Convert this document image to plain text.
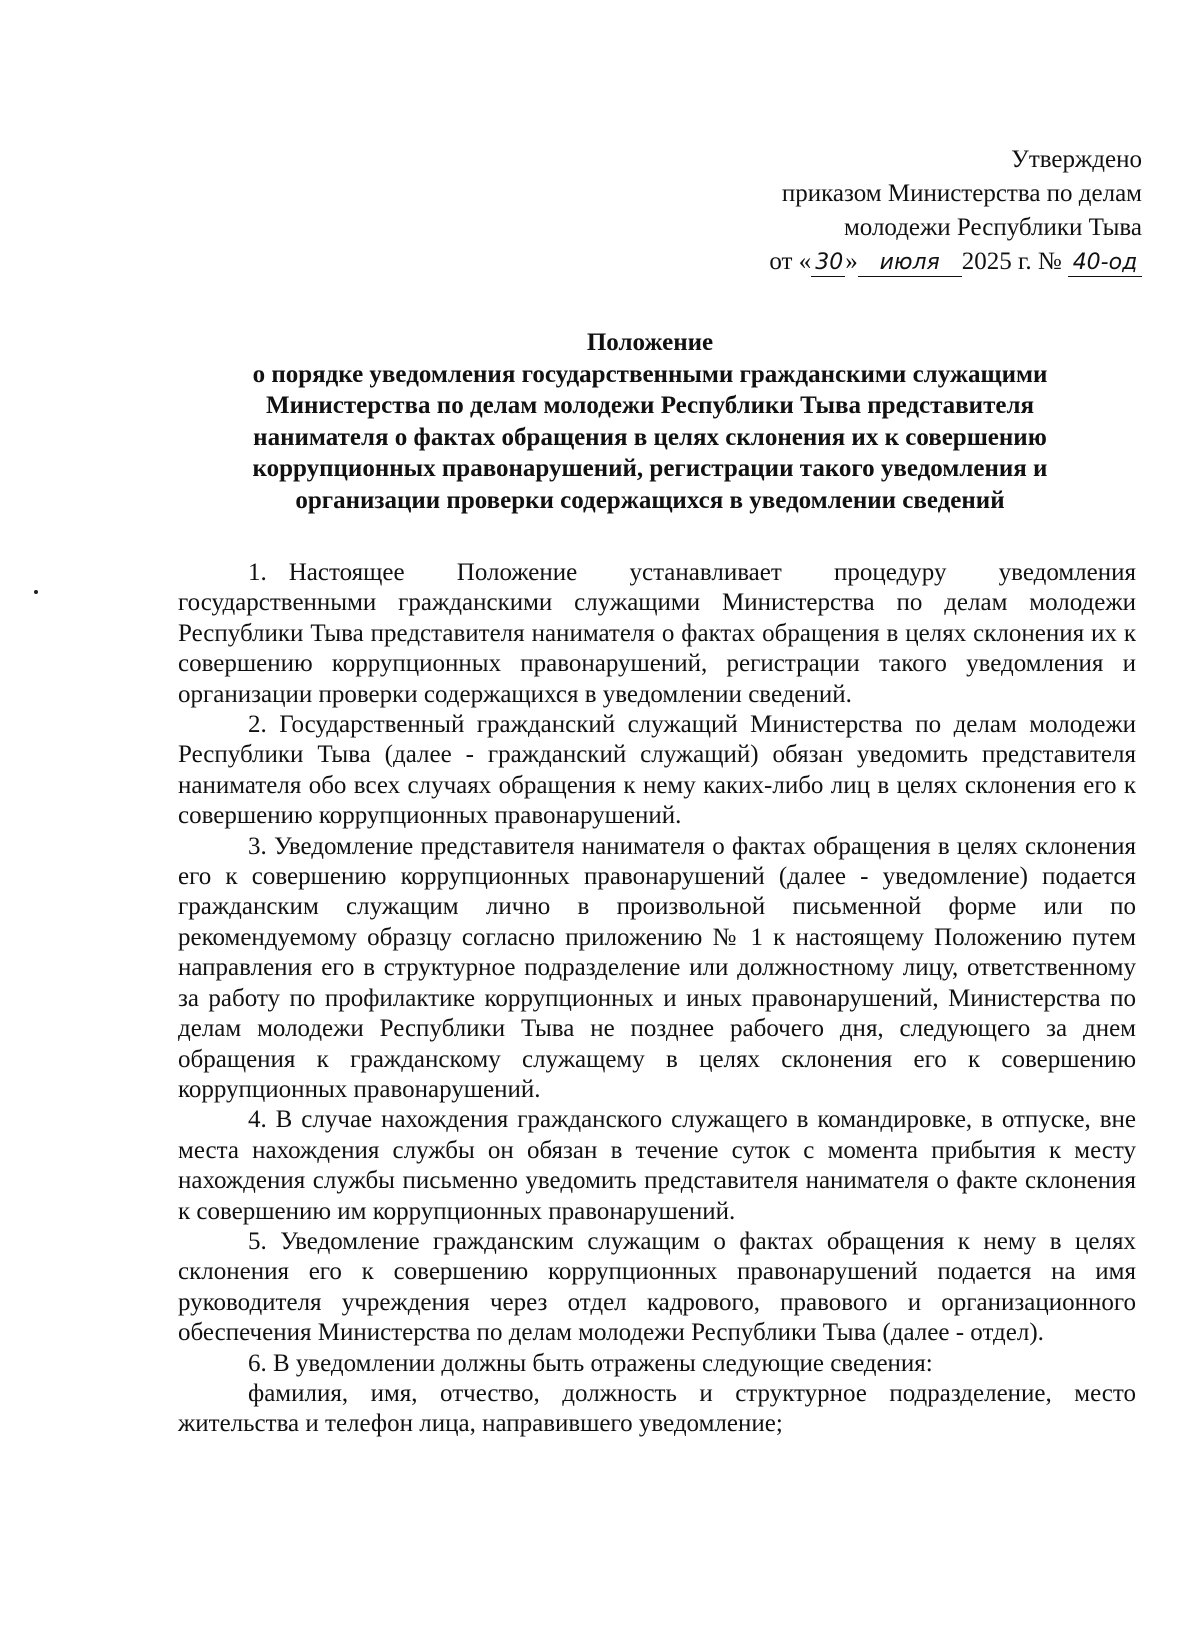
Утверждено
приказом Министерства по делам
молодежи Республики Тыва
от « 30» июля 2025 г. № 40-од
Положение
о порядке уведомления государственными гражданскими служащими
Министерства по делам молодежи Республики Тыва представителя
нанимателя о фактах обращения в целях склонения их к совершению
коррупционных правонарушений, регистрации такого уведомления и
организации проверки содержащихся в уведомлении сведений

1. Настоящее Положение устанавливает процедуру уведомления государственными гражданскими служащими Министерства по делам молодежи Республики Тыва представителя нанимателя о фактах обращения в целях склонения их к совершению коррупционных правонарушений, регистрации такого уведомления и организации проверки содержащихся в уведомлении сведений.

2. Государственный гражданский служащий Министерства по делам молодежи Республики Тыва (далее - гражданский служащий) обязан уведомить представителя нанимателя обо всех случаях обращения к нему каких-либо лиц в целях склонения его к совершению коррупционных правонарушений.

3. Уведомление представителя нанимателя о фактах обращения в целях склонения его к совершению коррупционных правонарушений (далее - уведомление) подается гражданским служащим лично в произвольной письменной форме или по рекомендуемому образцу согласно приложению № 1 к настоящему Положению путем направления его в структурное подразделение или должностному лицу, ответственному за работу по профилактике коррупционных и иных правонарушений, Министерства по делам молодежи Республики Тыва не позднее рабочего дня, следующего за днем обращения к гражданскому служащему в целях склонения его к совершению коррупционных правонарушений.

4. В случае нахождения гражданского служащего в командировке, в отпуске, вне места нахождения службы он обязан в течение суток с момента прибытия к месту нахождения службы письменно уведомить представителя нанимателя о факте склонения к совершению им коррупционных правонарушений.

5. Уведомление гражданским служащим о фактах обращения к нему в целях склонения его к совершению коррупционных правонарушений подается на имя руководителя учреждения через отдел кадрового, правового и организационного обеспечения Министерства по делам молодежи Республики Тыва (далее - отдел).

6. В уведомлении должны быть отражены следующие сведения:

фамилия, имя, отчество, должность и структурное подразделение, место жительства и телефон лица, направившего уведомление;
